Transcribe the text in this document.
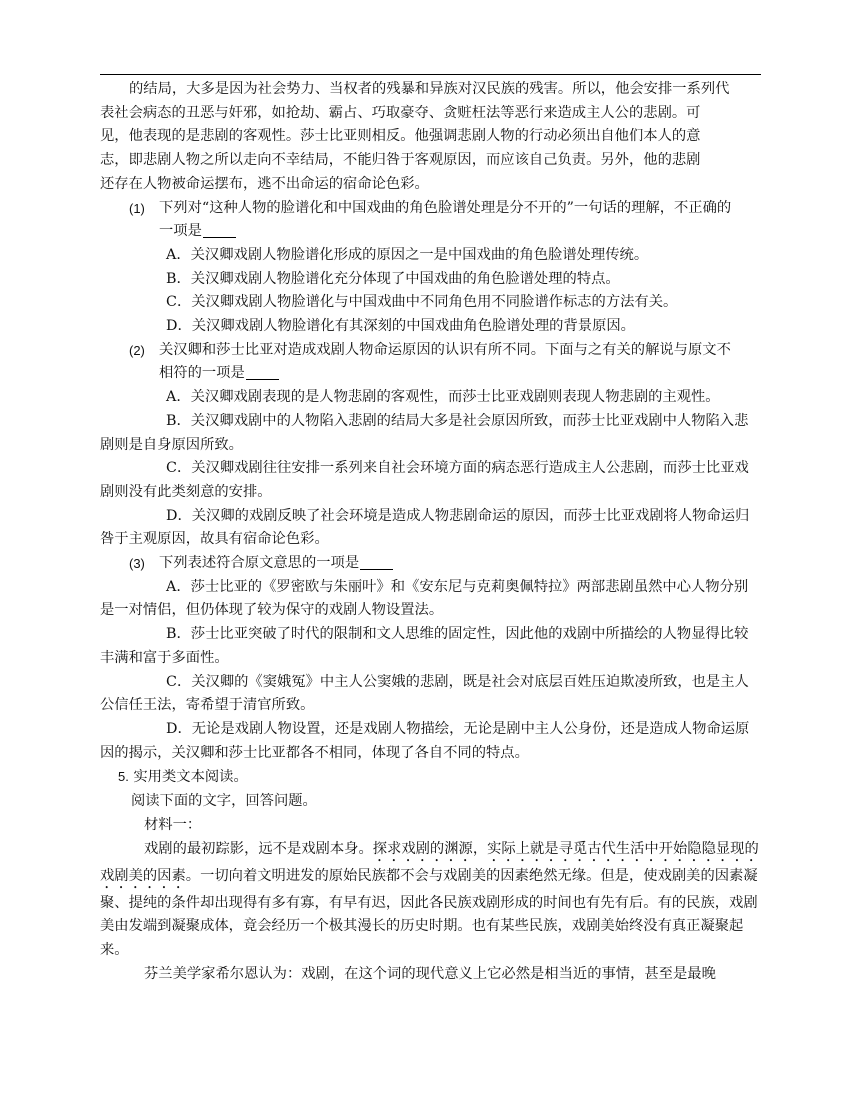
的结局，大多是因为社会势力、当权者的残暴和异族对汉民族的残害。所以，他会安排一系列代

表社会病态的丑恶与奸邪，如抢劫、霸占、巧取豪夺、贪赃枉法等恶行来造成主人公的悲剧。可

见，他表现的是悲剧的客观性。莎士比亚则相反。他强调悲剧人物的行动必须出自他们本人的意

志，即悲剧人物之所以走向不幸结局，不能归咎于客观原因，而应该自己负责。另外，他的悲剧

还存在人物被命运摆布，逃不出命运的宿命论色彩。

(1) 下列对“这种人物的脸谱化和中国戏曲的角色脸谱处理是分不开的”一句话的理解，不正确的
一项是
A．关汉卿戏剧人物脸谱化形成的原因之一是中国戏曲的角色脸谱处理传统。
B．关汉卿戏剧人物脸谱化充分体现了中国戏曲的角色脸谱处理的特点。
C．关汉卿戏剧人物脸谱化与中国戏曲中不同角色用不同脸谱作标志的方法有关。
D．关汉卿戏剧人物脸谱化有其深刻的中国戏曲角色脸谱处理的背景原因。
(2) 关汉卿和莎士比亚对造成戏剧人物命运原因的认识有所不同。下面与之有关的解说与原文不
相符的一项是
A．关汉卿戏剧表现的是人物悲剧的客观性，而莎士比亚戏剧则表现人物悲剧的主观性。
B．关汉卿戏剧中的人物陷入悲剧的结局大多是社会原因所致，而莎士比亚戏剧中人物陷入悲剧则是自身原因所致。
C．关汉卿戏剧往往安排一系列来自社会环境方面的病态恶行造成主人公悲剧，而莎士比亚戏剧则没有此类刻意的安排。
D．关汉卿的戏剧反映了社会环境是造成人物悲剧命运的原因，而莎士比亚戏剧将人物命运归咎于主观原因，故具有宿命论色彩。
(3) 下列表述符合原文意思的一项是
A．莎士比亚的《罗密欧与朱丽叶》和《安东尼与克莉奥佩特拉》两部悲剧虽然中心人物分别是一对情侣，但仍体现了较为保守的戏剧人物设置法。
B．莎士比亚突破了时代的限制和文人思维的固定性，因此他的戏剧中所描绘的人物显得比较丰满和富于多面性。
C．关汉卿的《窦娥冤》中主人公窦娥的悲剧，既是社会对底层百姓压迫欺凌所致，也是主人公信任王法，寄希望于清官所致。
D．无论是戏剧人物设置，还是戏剧人物描绘，无论是剧中主人公身份，还是造成人物命运原因的揭示，关汉卿和莎士比亚都各不相同，体现了各自不同的特点。
5. 实用类文本阅读。
阅读下面的文字，回答问题。
材料一：
戏剧的最初踪影，远不是戏剧本身。探求戏剧的渊源，实际上就是寻觅古代生活中开始隐隐显现的戏剧美的因素。一切向着文明进发的原始民族都不会与戏剧美的因素绝然无缘。但是，使戏剧美的因素凝聚、提纯的条件却出现得有多有寡，有早有迟，因此各民族戏剧形成的时间也有先有后。有的民族，戏剧美由发端到凝聚成体，竟会经历一个极其漫长的历史时期。也有某些民族，戏剧美始终没有真正凝聚起来。
芬兰美学家希尔恩认为：戏剧，在这个词的现代意义上它必然是相当近的事情，甚至是最晚
